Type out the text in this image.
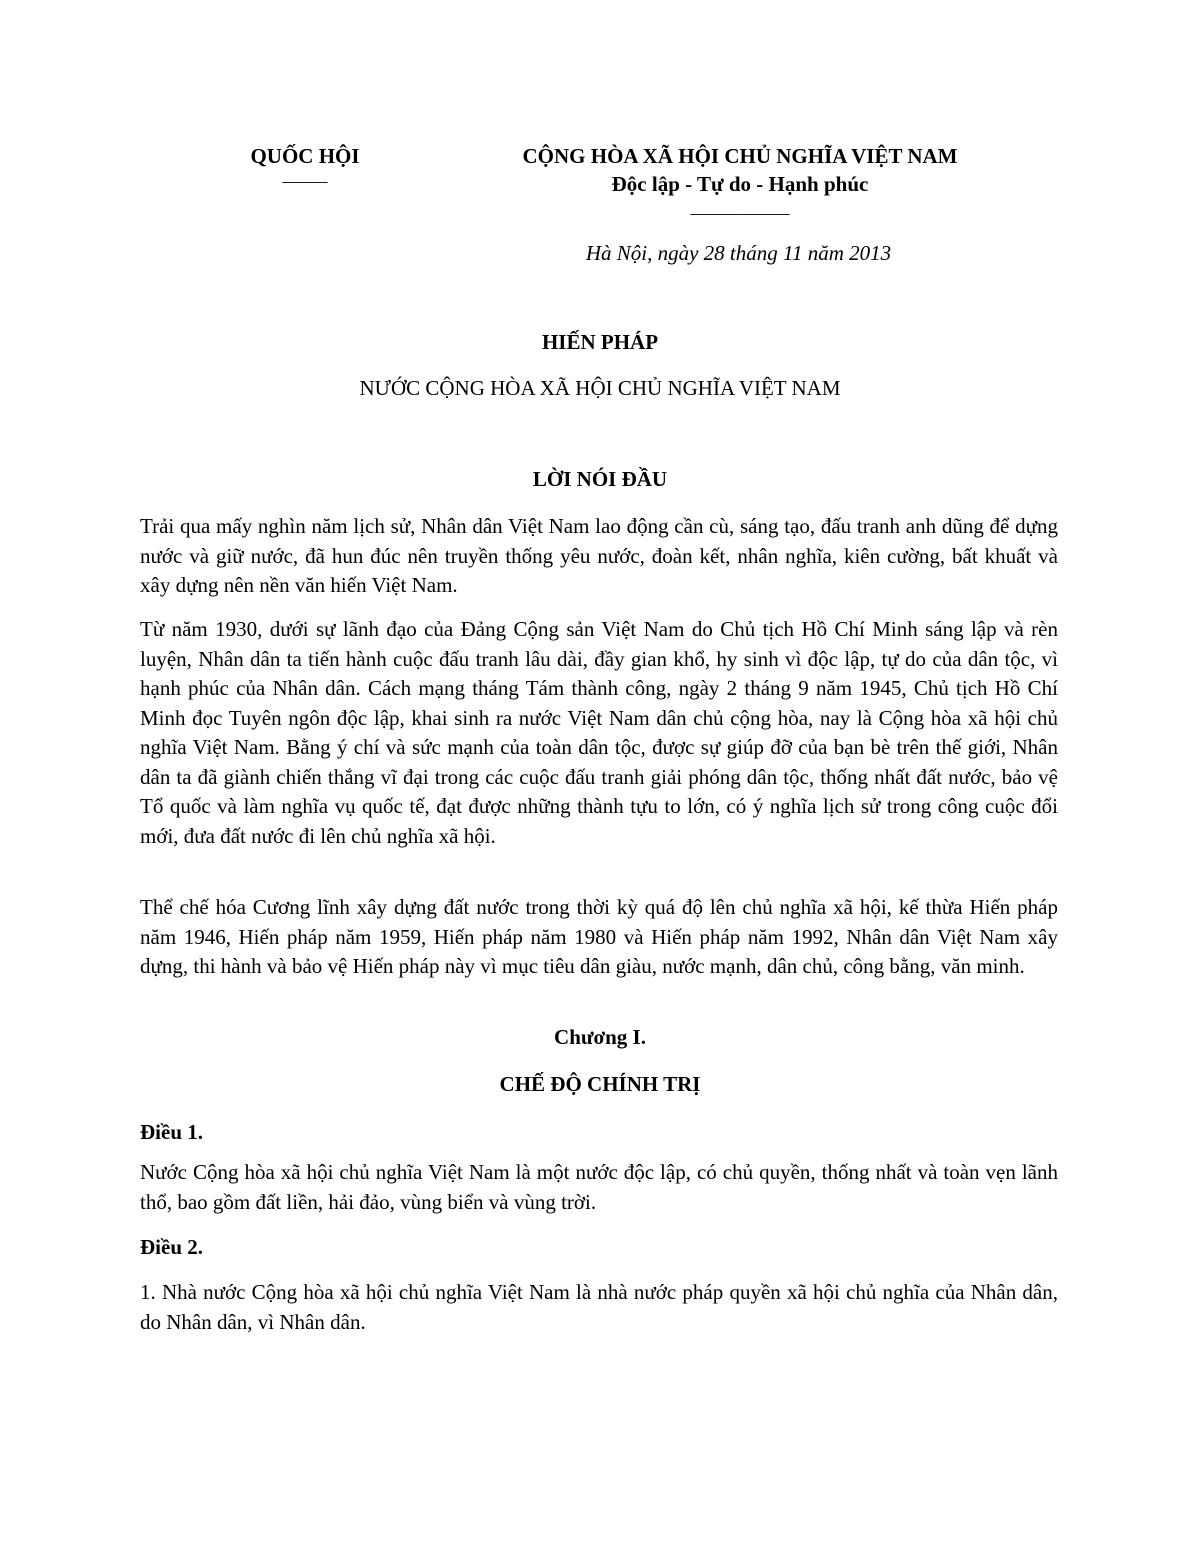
QUỐC HỘI
–––––
CỘNG HÒA XÃ HỘI CHỦ NGHĨA VIỆT NAM
Độc lập - Tự do - Hạnh phúc
–––––––––––
Hà Nội, ngày 28 tháng 11 năm 2013
HIẾN PHÁP
NƯỚC CỘNG HÒA XÃ HỘI CHỦ NGHĨA VIỆT NAM
LỜI NÓI ĐẦU

Trải qua mấy nghìn năm lịch sử, Nhân dân Việt Nam lao động cần cù, sáng tạo, đấu tranh anh dũng để dựng nước và giữ nước, đã hun đúc nên truyền thống yêu nước, đoàn kết, nhân nghĩa, kiên cường, bất khuất và xây dựng nên nền văn hiến Việt Nam.

Từ năm 1930, dưới sự lãnh đạo của Đảng Cộng sản Việt Nam do Chủ tịch Hồ Chí Minh sáng lập và rèn luyện, Nhân dân ta tiến hành cuộc đấu tranh lâu dài, đầy gian khổ, hy sinh vì độc lập, tự do của dân tộc, vì hạnh phúc của Nhân dân. Cách mạng tháng Tám thành công, ngày 2 tháng 9 năm 1945, Chủ tịch Hồ Chí Minh đọc Tuyên ngôn độc lập, khai sinh ra nước Việt Nam dân chủ cộng hòa, nay là Cộng hòa xã hội chủ nghĩa Việt Nam. Bằng ý chí và sức mạnh của toàn dân tộc, được sự giúp đỡ của bạn bè trên thế giới, Nhân dân ta đã giành chiến thắng vĩ đại trong các cuộc đấu tranh giải phóng dân tộc, thống nhất đất nước, bảo vệ Tổ quốc và làm nghĩa vụ quốc tế, đạt được những thành tựu to lớn, có ý nghĩa lịch sử trong công cuộc đổi mới, đưa đất nước đi lên chủ nghĩa xã hội.

Thể chế hóa Cương lĩnh xây dựng đất nước trong thời kỳ quá độ lên chủ nghĩa xã hội, kế thừa Hiến pháp năm 1946, Hiến pháp năm 1959, Hiến pháp năm 1980 và Hiến pháp năm 1992, Nhân dân Việt Nam xây dựng, thi hành và bảo vệ Hiến pháp này vì mục tiêu dân giàu, nước mạnh, dân chủ, công bằng, văn minh.

Chương I.
CHẾ ĐỘ CHÍNH TRỊ
Điều 1.

Nước Cộng hòa xã hội chủ nghĩa Việt Nam là một nước độc lập, có chủ quyền, thống nhất và toàn vẹn lãnh thổ, bao gồm đất liền, hải đảo, vùng biển và vùng trời.

Điều 2.

1. Nhà nước Cộng hòa xã hội chủ nghĩa Việt Nam là nhà nước pháp quyền xã hội chủ nghĩa của Nhân dân, do Nhân dân, vì Nhân dân.
